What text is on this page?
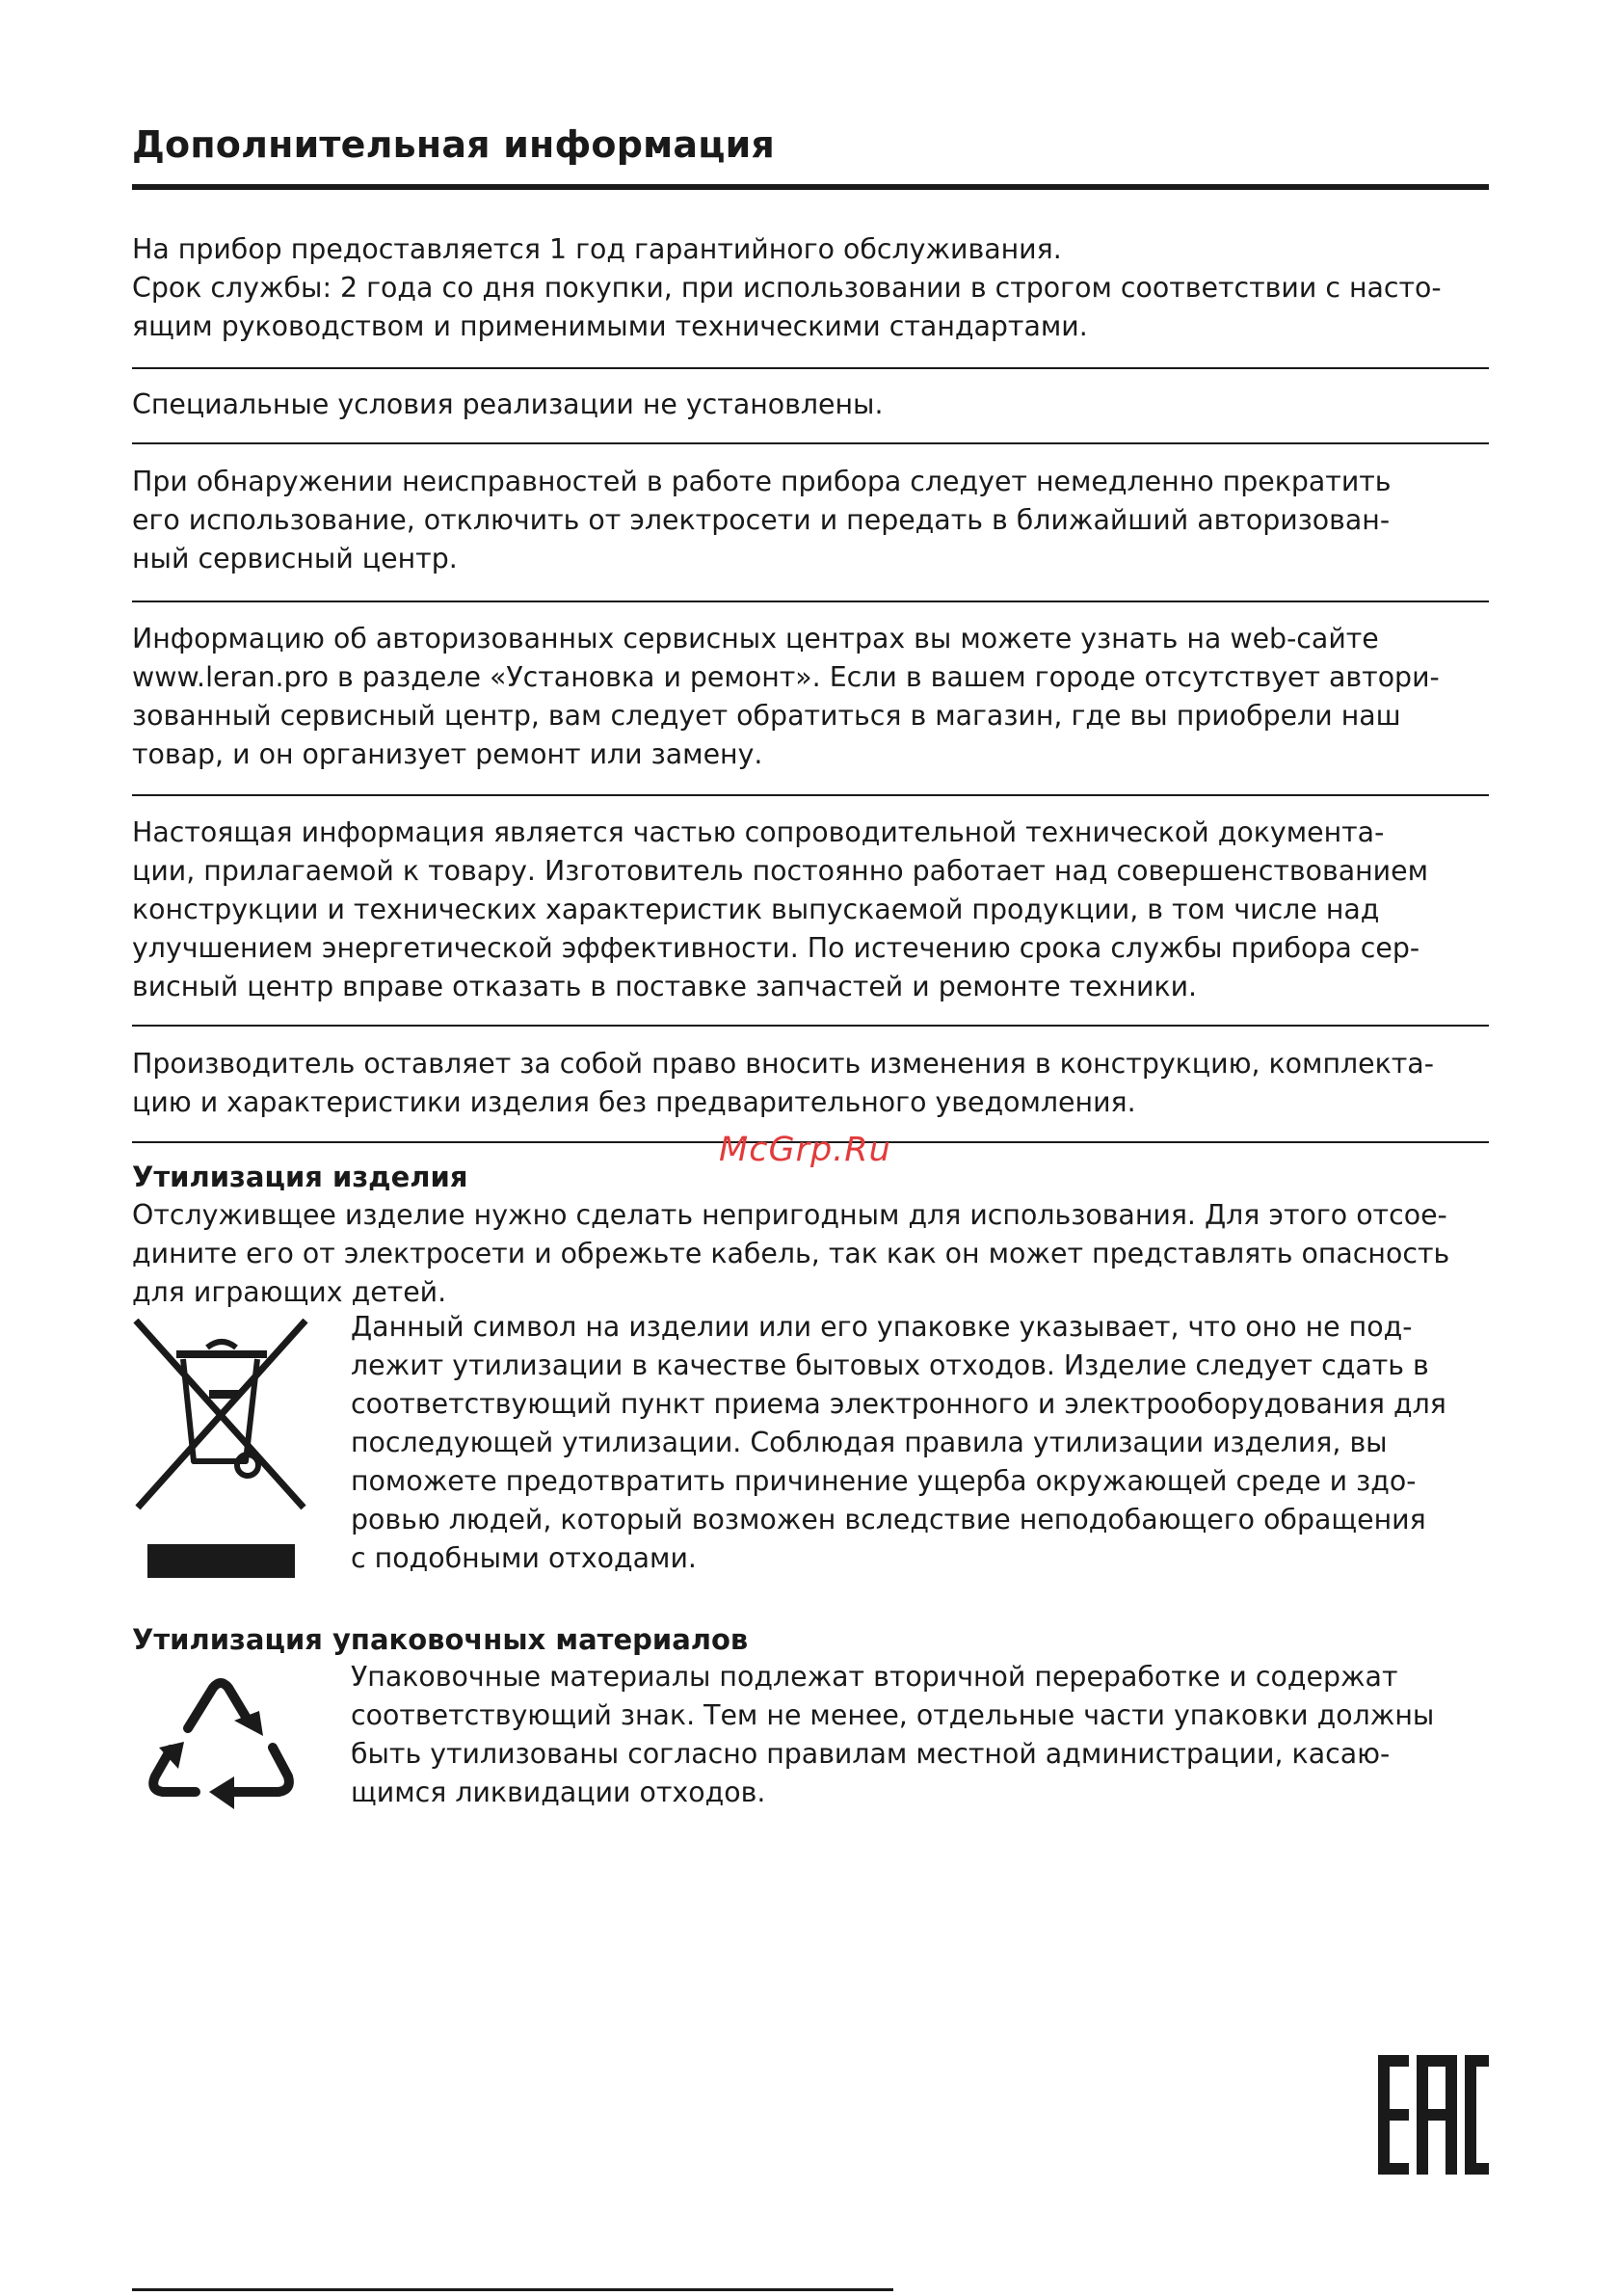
Дополнительная информация

На прибор предоставляется 1 год гарантийного обслуживания.
Срок службы: 2 года со дня покупки, при использовании в строгом соответствии с насто-
ящим руководством и применимыми техническими стандартами.

Специальные условия реализации не установлены.

При обнаружении неисправностей в работе прибора следует немедленно прекратить
его использование, отключить от электросети и передать в ближайший авторизован-
ный сервисный центр.

Информацию об авторизованных сервисных центрах вы можете узнать на web-сайте
www.leran.pro в разделе «Установка и ремонт». Если в вашем городе отсутствует автори-
зованный сервисный центр, вам следует обратиться в магазин, где вы приобрели наш
товар, и он организует ремонт или замену.

Настоящая информация является частью сопроводительной технической документа-
ции, прилагаемой к товару. Изготовитель постоянно работает над совершенствованием
конструкции и технических характеристик выпускаемой продукции, в том числе над
улучшением энергетической эффективности. По истечению срока службы прибора сер-
висный центр вправе отказать в поставке запчастей и ремонте техники.

Производитель оставляет за собой право вносить изменения в конструкцию, комплекта-
цию и характеристики изделия без предварительного уведомления.

Утилизация изделия

Отслуживщее изделие нужно сделать непригодным для использования. Для этого отсое-
дините его от электросети и обрежьте кабель, так как он может представлять опасность
для играющих детей.

Данный символ на изделии или его упаковке указывает, что оно не под-
лежит утилизации в качестве бытовых отходов. Изделие следует сдать в
соответствующий пункт приема электронного и электрооборудования для
последующей утилизации. Соблюдая правила утилизации изделия, вы
поможете предотвратить причинение ущерба окружающей среде и здо-
ровью людей, который возможен вследствие неподобающего обращения
с подобными отходами.

Утилизация упаковочных материалов

Упаковочные материалы подлежат вторичной переработке и содержат
соответствующий знак. Тем не менее, отдельные части упаковки должны
быть утилизованы согласно правилам местной администрации, касаю-
щимся ликвидации отходов.

McGrp.Ru
